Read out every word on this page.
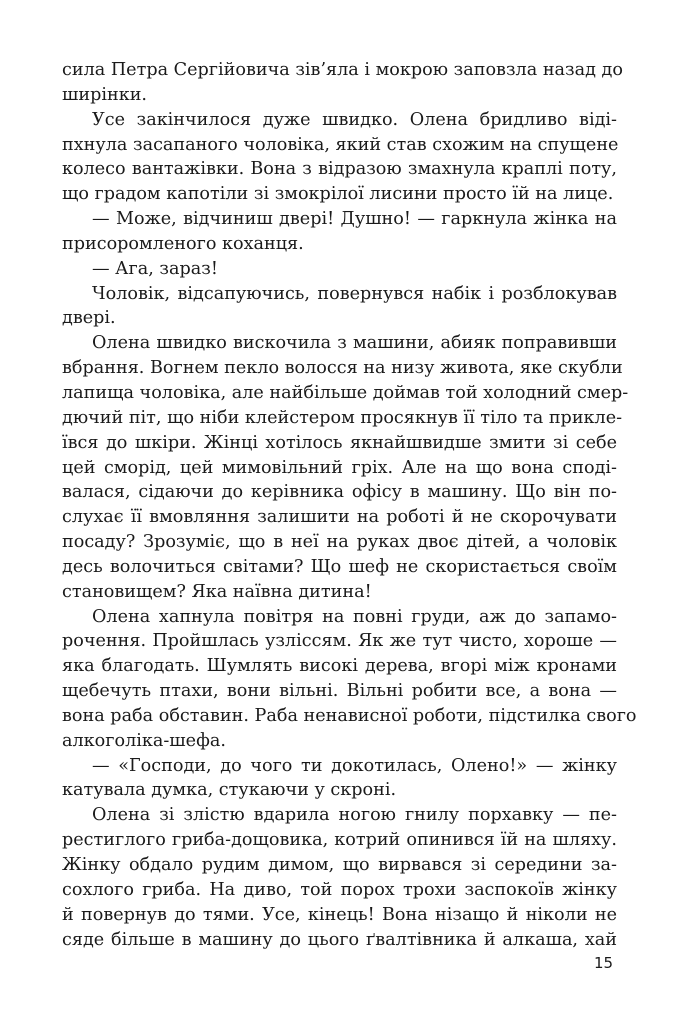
сила Петра Сергійовича зів’яла і мокрою заповзла назад до
ширінки.
Усе закінчилося дуже швидко. Олена бридливо віді-
пхнула засапаного чоловіка, який став схожим на спущене
колесо вантажівки. Вона з відразою змахнула краплі поту,
що градом капотіли зі змокрілої лисини просто їй на лице.
— Може, відчиниш двері! Душно! — гаркнула жінка на
присоромленого коханця.
— Ага, зараз!
Чоловік, відсапуючись, повернувся набік і розблокував
двері.
Олена швидко вискочила з машини, абияк поправивши
вбрання. Вогнем пекло волосся на низу живота, яке скубли
лапища чоловіка, але найбільше доймав той холодний смер-
дючий піт, що ніби клейстером просякнув її тіло та прикле-
ївся до шкіри. Жінці хотілось якнайшвидше змити зі себе
цей сморід, цей мимовільний гріх. Але на що вона сподi-
валася, сідаючи до керівника офісу в машину. Що він по-
слухає її вмовляння залишити на роботі й не скорочувати
посаду? Зрозуміє, що в неї на руках двоє дітей, а чоловік
десь волочиться світами? Що шеф не скористається своїм
становищем? Яка наївна дитина!
Олена хапнула повітря на повні груди, аж до запамо-
рочення. Пройшлась узліссям. Як же тут чисто, хороше —
яка благодать. Шумлять високі дерева, вгорі між кронами
щебечуть птахи, вони вільні. Вільні робити все, а вона —
вона раба обставин. Раба ненависної роботи, підстилка свого
алкоголіка-шефа.
— «Господи, до чого ти докотилась, Олено!» — жінку
катувала думка, стукаючи у скроні.
Олена зі злістю вдарила ногою гнилу порхавку — пе-
рестиглого гриба-дощовика, котрий опинився їй на шляху.
Жінку обдало рудим димом, що вирвався зі середини за-
сохлого гриба. На диво, той порох трохи заспокоїв жінку
й повернув до тями. Усе, кінець! Вона нізащо й ніколи не
сяде більше в машину до цього ґвалтівника й алкаша, хай
15
